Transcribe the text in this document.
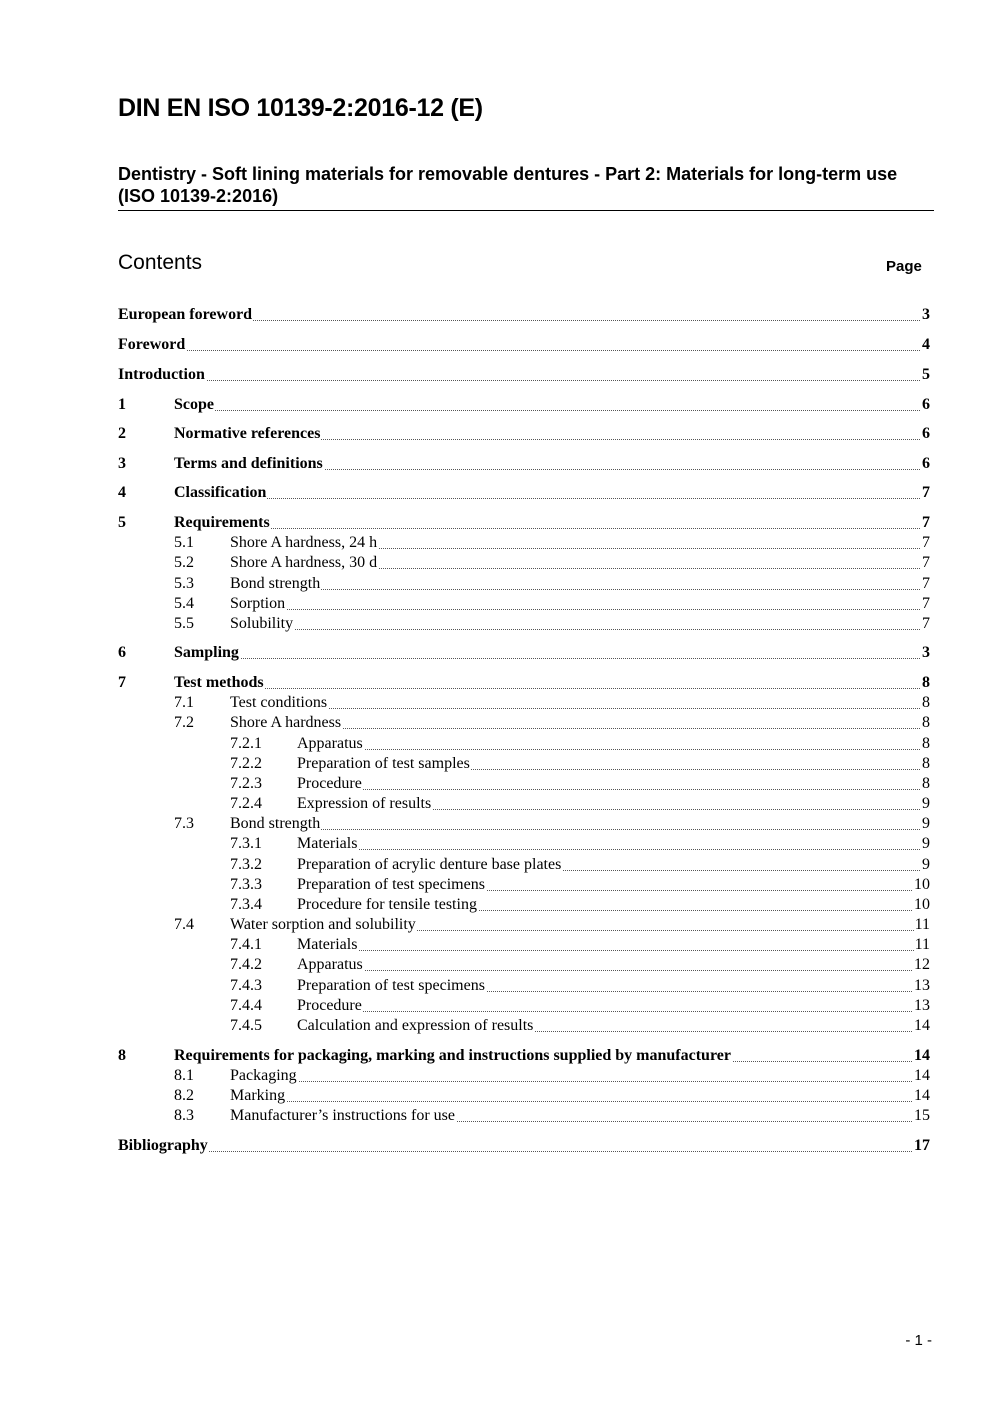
DIN EN ISO 10139-2:2016-12 (E)
Dentistry - Soft lining materials for removable dentures - Part 2: Materials for long-term use (ISO 10139-2:2016)
Contents	Page
European foreword	3
Foreword	4
Introduction	5
1	Scope	6
2	Normative references	6
3	Terms and definitions	6
4	Classification	7
5	Requirements	7
5.1 Shore A hardness, 24 h	7
5.2 Shore A hardness, 30 d	7
5.3 Bond strength	7
5.4 Sorption	7
5.5 Solubility	7
6	Sampling	3
7	Test methods	8
7.1 Test conditions	8
7.2 Shore A hardness	8
7.2.1 Apparatus	8
7.2.2 Preparation of test samples	8
7.2.3 Procedure	8
7.2.4 Expression of results	9
7.3 Bond strength	9
7.3.1 Materials	9
7.3.2 Preparation of acrylic denture base plates	9
7.3.3 Preparation of test specimens	10
7.3.4 Procedure for tensile testing	10
7.4 Water sorption and solubility	11
7.4.1 Materials	11
7.4.2 Apparatus	12
7.4.3 Preparation of test specimens	13
7.4.4 Procedure	13
7.4.5 Calculation and expression of results	14
8	Requirements for packaging, marking and instructions supplied by manufacturer	14
8.1 Packaging	14
8.2 Marking	14
8.3 Manufacturer’s instructions for use	15
Bibliography	17
- 1 -
